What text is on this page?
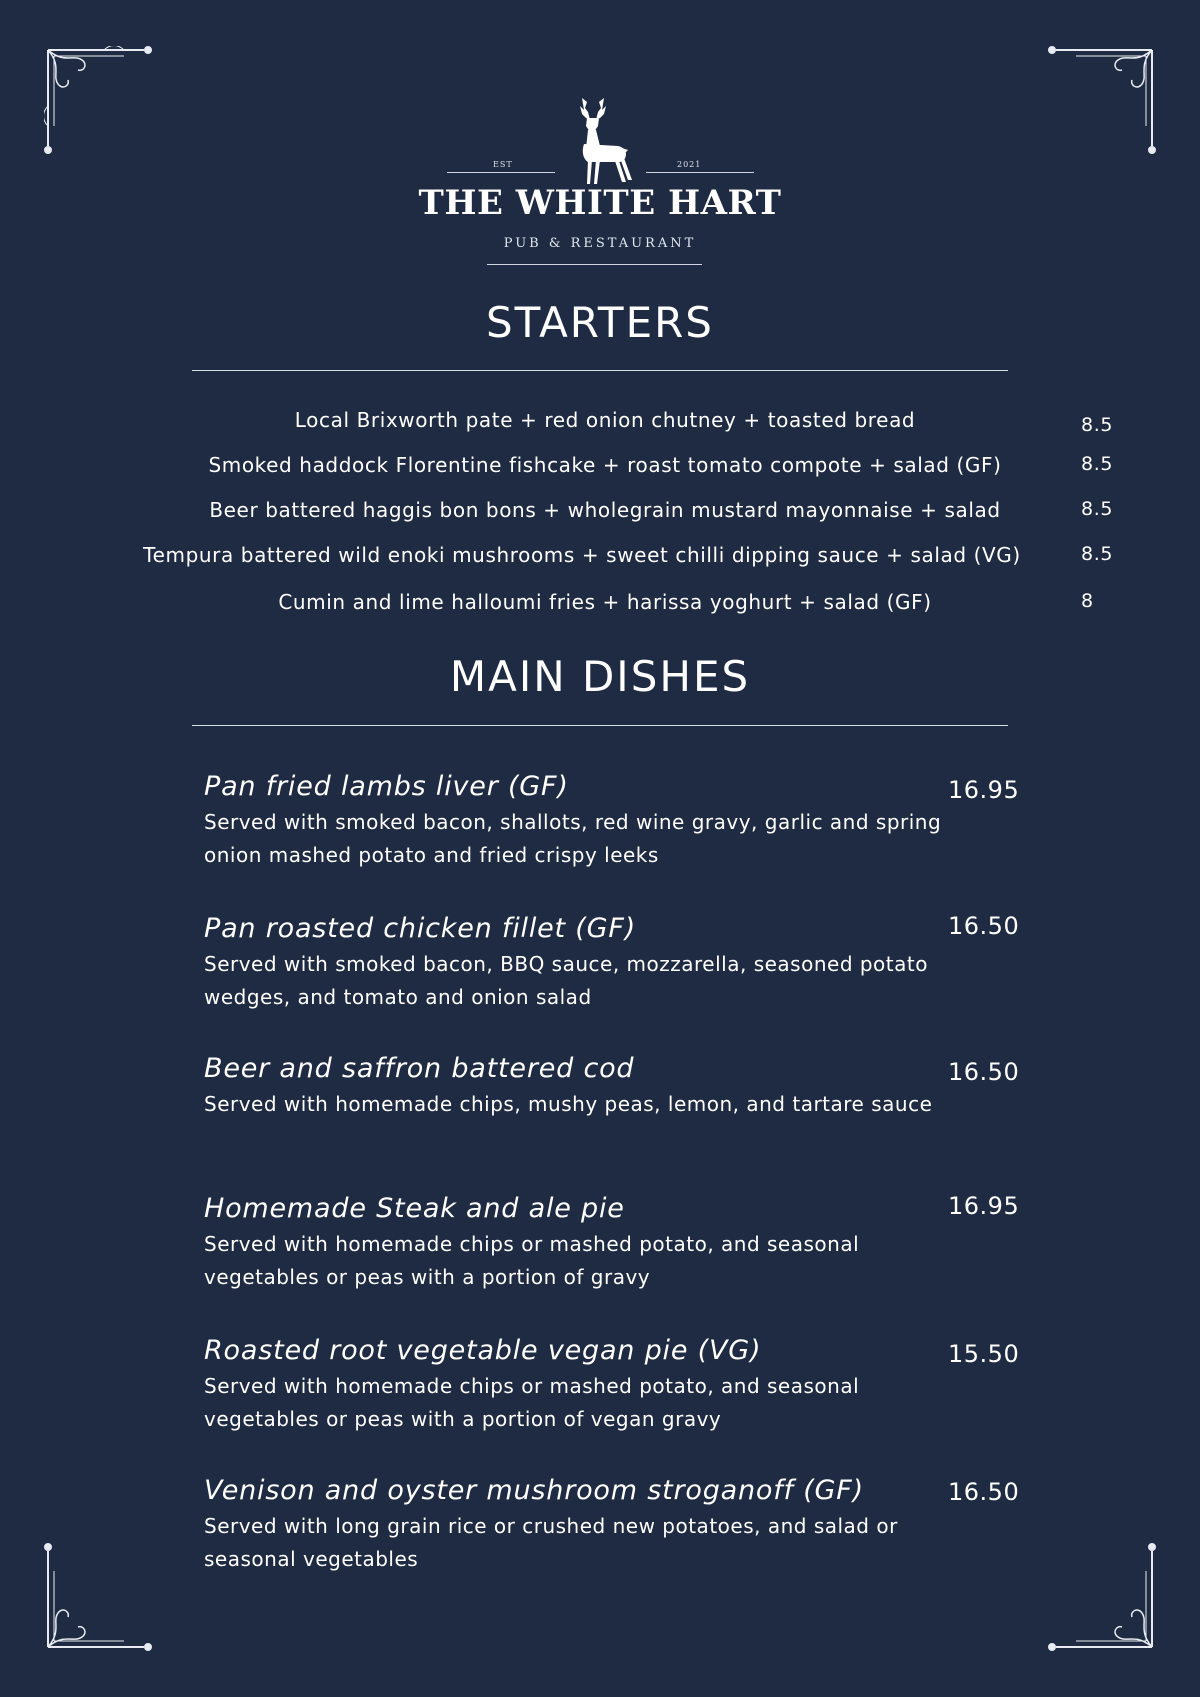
EST	2021
THE WHITE HART
PUB & RESTAURANT
STARTERS
Local Brixworth pate + red onion chutney + toasted bread	8.5
Smoked haddock Florentine fishcake + roast tomato compote + salad (GF)	8.5
Beer battered haggis bon bons + wholegrain mustard mayonnaise + salad	8.5
Tempura battered wild enoki mushrooms + sweet chilli dipping sauce + salad (VG)	8.5
Cumin and lime halloumi fries + harissa yoghurt + salad (GF)	8
MAIN DISHES
Pan fried lambs liver (GF)
Served with smoked bacon, shallots, red wine gravy, garlic and spring onion mashed potato and fried crispy leeks
16.95
Pan roasted chicken fillet (GF)
Served with smoked bacon, BBQ sauce, mozzarella, seasoned potato wedges, and tomato and onion salad
16.50
Beer and saffron battered cod
Served with homemade chips, mushy peas, lemon, and tartare sauce
16.50
Homemade Steak and ale pie
Served with homemade chips or mashed potato, and seasonal vegetables or peas with a portion of gravy
16.95
Roasted root vegetable vegan pie (VG)
Served with homemade chips or mashed potato, and seasonal vegetables or peas with a portion of vegan gravy
15.50
Venison and oyster mushroom stroganoff (GF)
Served with long grain rice or crushed new potatoes, and salad or seasonal vegetables
16.50
